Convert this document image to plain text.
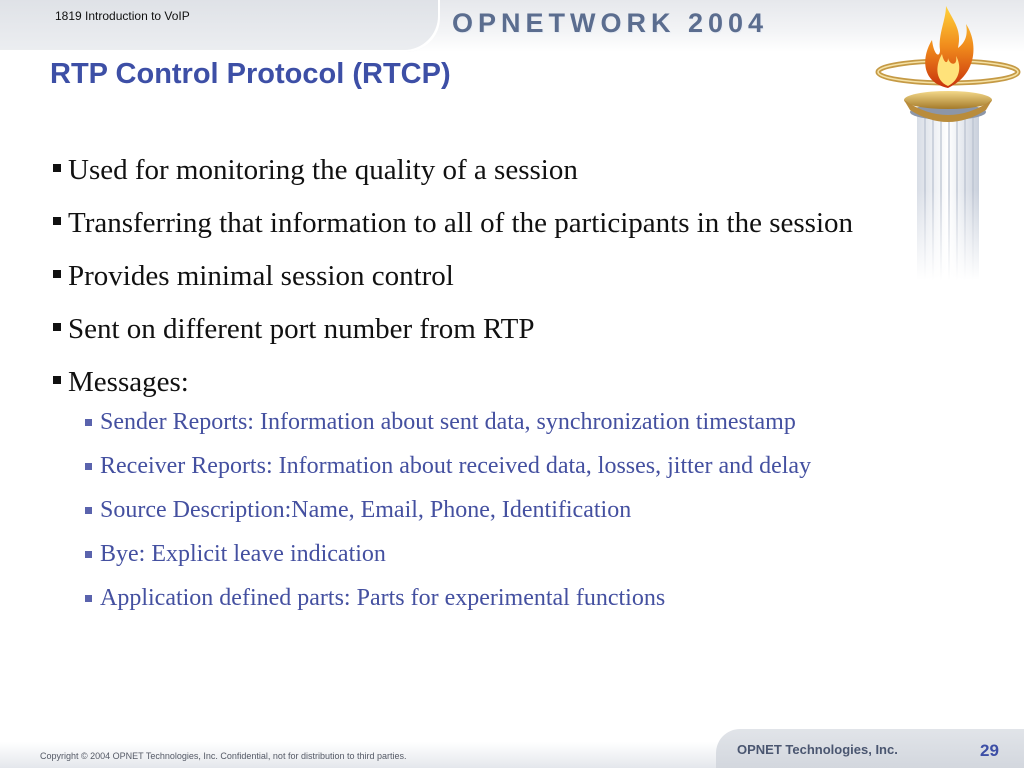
1819 Introduction to VoIP	OPNETWORK 2004
RTP Control Protocol (RTCP)
Used for monitoring the quality of a session
Transferring that information to all of the participants in the session
Provides minimal session control
Sent on different port number from RTP
Messages:
Sender Reports: Information about sent data, synchronization timestamp
Receiver Reports: Information about received data, losses, jitter and delay
Source Description:Name, Email, Phone, Identification
Bye: Explicit leave indication
Application defined parts: Parts for experimental functions
Copyright © 2004 OPNET Technologies, Inc. Confidential, not for distribution to third parties.	OPNET Technologies, Inc.	29
